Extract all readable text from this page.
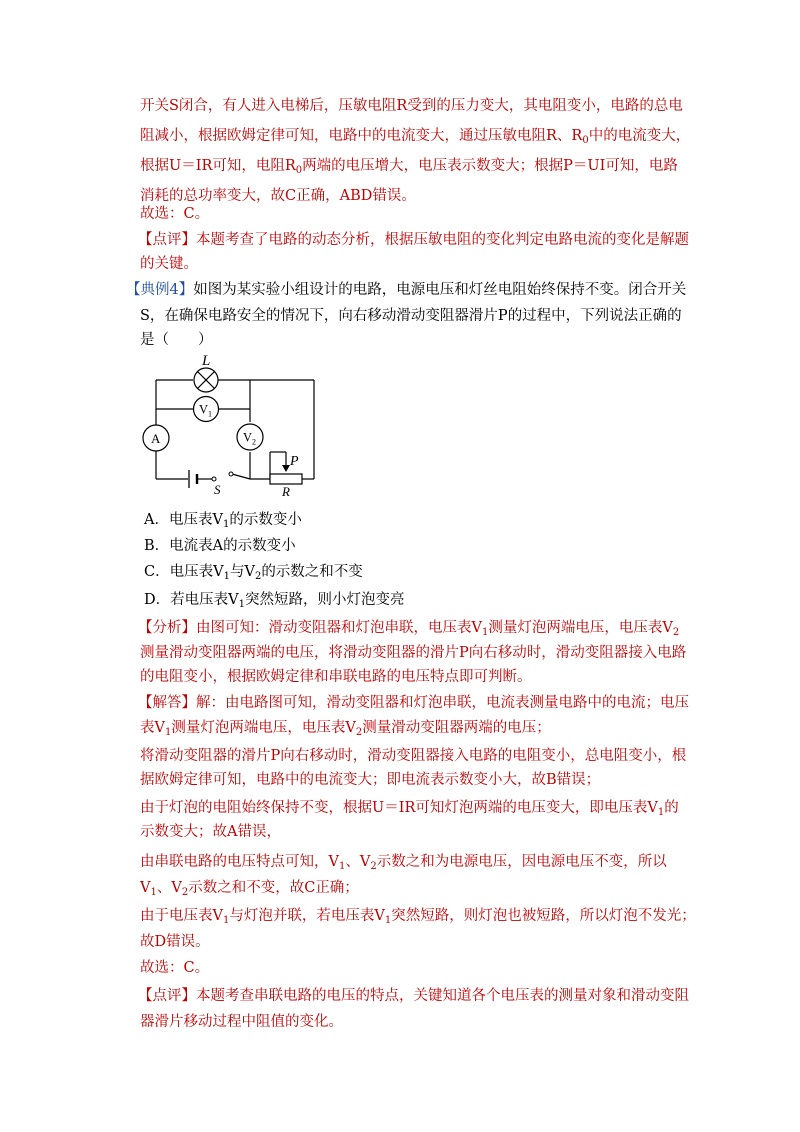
开关S闭合，有人进入电梯后，压敏电阻R受到的压力变大，其电阻变小，电路的总电
阻减小，根据欧姆定律可知，电路中的电流变大，通过压敏电阻R、$R_0$中的电流变大，
根据U＝IR可知，电阻$R_0$两端的电压增大，电压表示数变大；根据P＝UI可知，电路
消耗的总功率变大，故C正确，ABD错误。
故选：C。
【点评】本题考查了电路的动态分析，根据压敏电阻的变化判定电路电流的变化是解题
的关键。
【典例4】如图为某实验小组设计的电路，电源电压和灯丝电阻始终保持不变。闭合开关
S，在确保电路安全的情况下，向右移动滑动变阻器滑片P的过程中，下列说法正确的
是（　　）
L
$V_1$
A	$V_2$
S
P
R
A．电压表$V_1$的示数变小
B．电流表A的示数变小
C．电压表$V_1$与$V_2$的示数之和不变
D．若电压表$V_1$突然短路，则小灯泡变亮
【分析】由图可知：滑动变阻器和灯泡串联，电压表$V_1$测量灯泡两端电压，电压表$V_2$
测量滑动变阻器两端的电压，将滑动变阻器的滑片P向右移动时，滑动变阻器接入电路
的电阻变小，根据欧姆定律和串联电路的电压特点即可判断。
【解答】解：由电路图可知，滑动变阻器和灯泡串联，电流表测量电路中的电流；电压
表$V_1$测量灯泡两端电压，电压表$V_2$测量滑动变阻器两端的电压；
将滑动变阻器的滑片P向右移动时，滑动变阻器接入电路的电阻变小，总电阻变小，根
据欧姆定律可知，电路中的电流变大；即电流表示数变小大，故B错误；
由于灯泡的电阻始终保持不变，根据U＝IR可知灯泡两端的电压变大，即电压表$V_1$的
示数变大；故A错误，
由串联电路的电压特点可知，$V_1$、$V_2$示数之和为电源电压，因电源电压不变，所以
$V_1$、$V_2$示数之和不变，故C正确；
由于电压表$V_1$与灯泡并联，若电压表$V_1$突然短路，则灯泡也被短路，所以灯泡不发光；
故D错误。
故选：C。
【点评】本题考查串联电路的电压的特点，关键知道各个电压表的测量对象和滑动变阻
器滑片移动过程中阻值的变化。
